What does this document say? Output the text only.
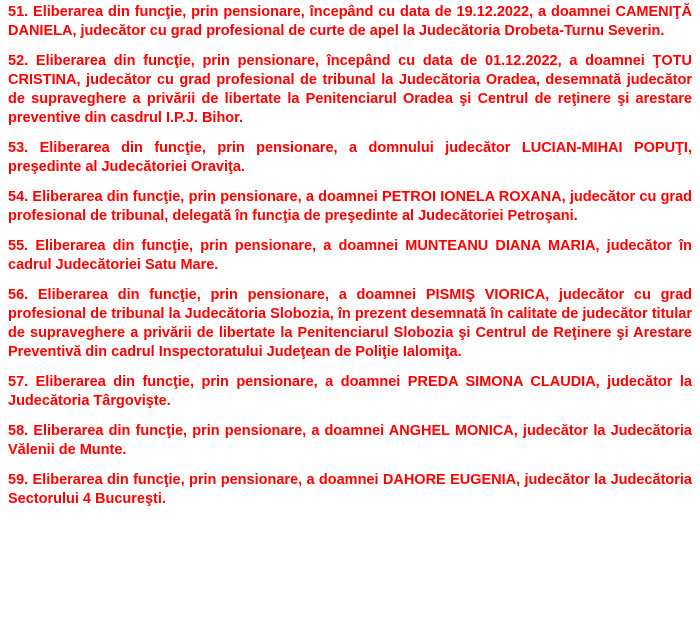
51. Eliberarea din funcţie, prin pensionare, începând cu data de 19.12.2022, a doamnei CAMENIŢĂ DANIELA, judecător cu grad profesional de curte de apel la Judecătoria Drobeta-Turnu Severin.

52. Eliberarea din funcţie, prin pensionare, începând cu data de 01.12.2022, a doamnei ŢOTU CRISTINA, judecător cu grad profesional de tribunal la Judecătoria Oradea, desemnată judecător de supraveghere a privării de libertate la Penitenciarul Oradea şi Centrul de reţinere şi arestare preventive din casdrul I.P.J. Bihor.

53. Eliberarea din funcţie, prin pensionare, a domnului judecător LUCIAN-MIHAI POPUŢI, preşedinte al Judecătoriei Oraviţa.

54. Eliberarea din funcţie, prin pensionare, a doamnei PETROI IONELA ROXANA, judecător cu grad profesional de tribunal, delegată în funcţia de preşedinte al Judecătoriei Petroşani.

55. Eliberarea din funcţie, prin pensionare, a doamnei MUNTEANU DIANA MARIA, judecător în cadrul Judecătoriei Satu Mare.

56. Eliberarea din funcţie, prin pensionare, a doamnei PISMIŞ VIORICA, judecător cu grad profesional de tribunal la Judecătoria Slobozia, în prezent desemnată în calitate de judecător titular de supraveghere a privării de libertate la Penitenciarul Slobozia şi Centrul de Reţinere şi Arestare Preventivă din cadrul Inspectoratului Judeţean de Poliţie Ialomiţa.

57. Eliberarea din funcţie, prin pensionare, a doamnei PREDA SIMONA CLAUDIA, judecător la Judecătoria Târgovişte.

58. Eliberarea din funcţie, prin pensionare, a doamnei ANGHEL MONICA, judecător la Judecătoria Vălenii de Munte.

59. Eliberarea din funcţie, prin pensionare, a doamnei DAHORE EUGENIA, judecător la Judecătoria Sectorului 4 Bucureşti.
